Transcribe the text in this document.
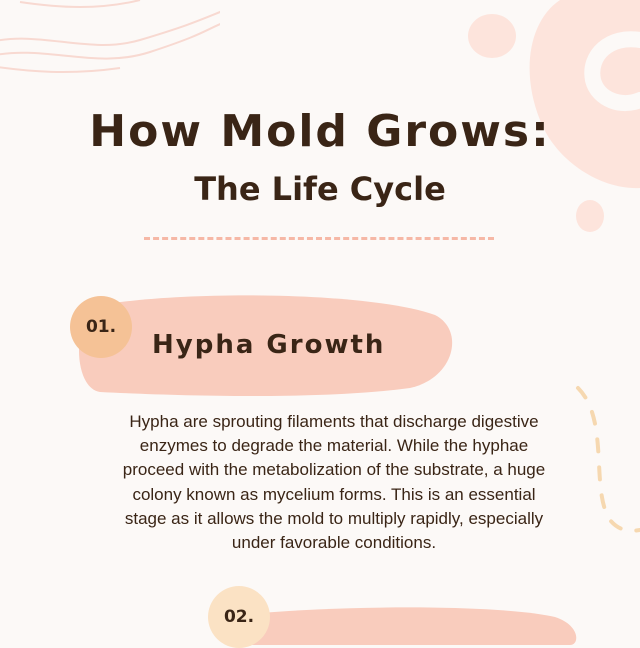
How Mold Grows:
The Life Cycle
01.
Hypha Growth

Hypha are sprouting filaments that discharge digestive enzymes to degrade the material. While the hyphae proceed with the metabolization of the substrate, a huge colony known as mycelium forms. This is an essential stage as it allows the mold to multiply rapidly, especially under favorable conditions.

02.
